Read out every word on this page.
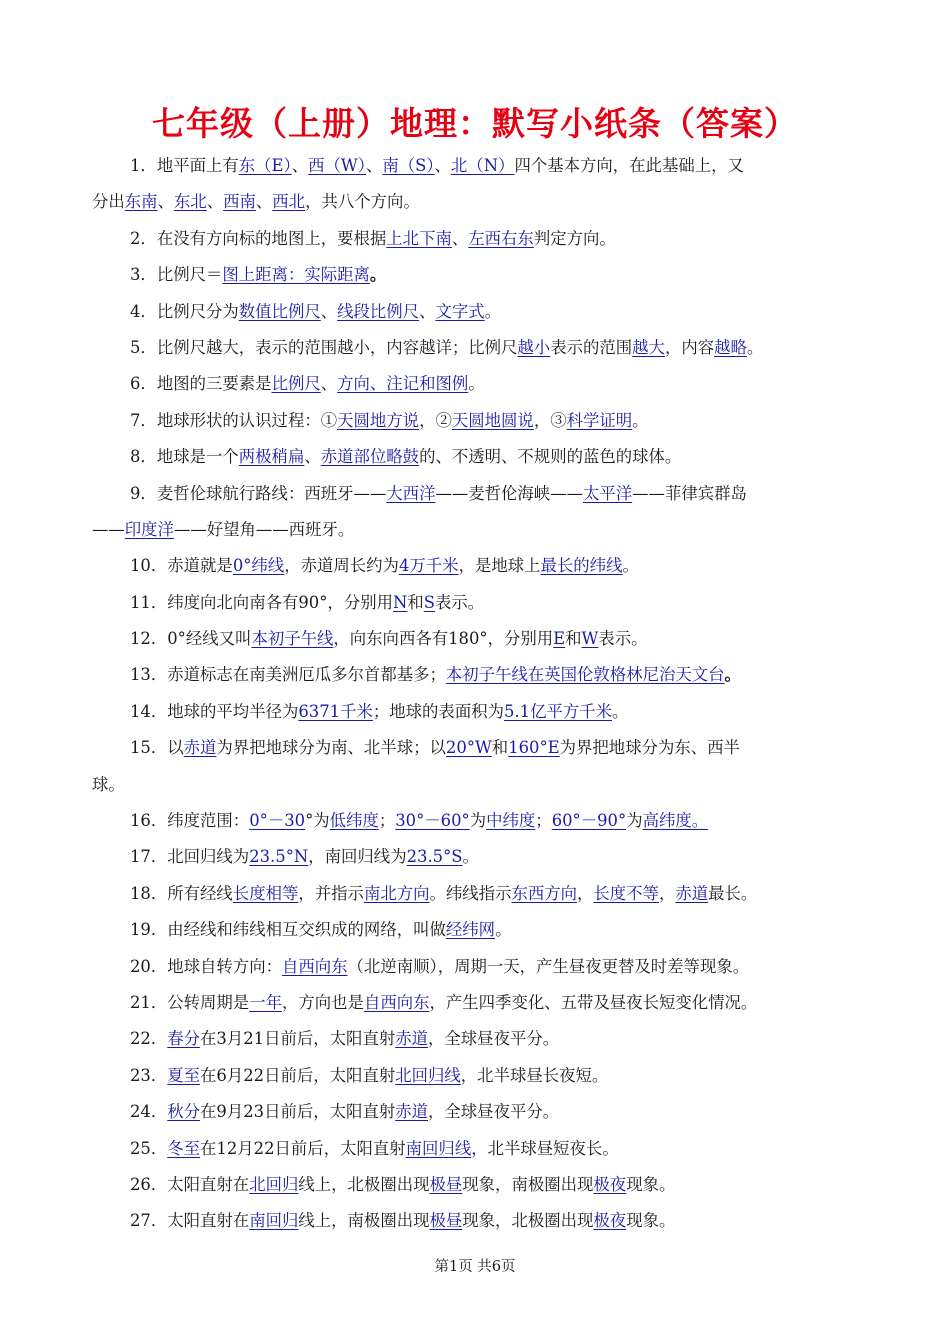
七年级（上册）地理：默写小纸条（答案）
1．地平面上有东（E）、西（W）、南（S）、北（N）四个基本方向，在此基础上，又
分出东南、东北、西南、西北，共八个方向。
2．在没有方向标的地图上，要根据上北下南、左西右东判定方向。
3．比例尺＝图上距离：实际距离。
4．比例尺分为数值比例尺、线段比例尺、文字式。
5．比例尺越大，表示的范围越小，内容越详；比例尺越小表示的范围越大，内容越略。
6．地图的三要素是比例尺、方向、注记和图例。
7．地球形状的认识过程：①天圆地方说，②天圆地圆说，③科学证明。
8．地球是一个两极稍扁、赤道部位略鼓的、不透明、不规则的蓝色的球体。
9．麦哲伦球航行路线：西班牙——大西洋——麦哲伦海峡——太平洋——菲律宾群岛
——印度洋——好望角——西班牙。
10．赤道就是0°纬线，赤道周长约为4万千米，是地球上最长的纬线。
11．纬度向北向南各有90°，分别用N和S表示。
12．0°经线又叫本初子午线，向东向西各有180°，分别用E和W表示。
13．赤道标志在南美洲厄瓜多尔首都基多；本初子午线在英国伦敦格林尼治天文台。
14．地球的平均半径为6371千米；地球的表面积为5.1亿平方千米。
15．以赤道为界把地球分为南、北半球；以20°W和160°E为界把地球分为东、西半
球。
16．纬度范围：0°－30°为低纬度；30°－60°为中纬度；60°－90°为高纬度。
17．北回归线为23.5°N，南回归线为23.5°S。
18．所有经线长度相等，并指示南北方向。纬线指示东西方向，长度不等，赤道最长。
19．由经线和纬线相互交织成的网络，叫做经纬网。
20．地球自转方向：自西向东（北逆南顺），周期一天，产生昼夜更替及时差等现象。
21．公转周期是一年，方向也是自西向东，产生四季变化、五带及昼夜长短变化情况。
22．春分在3月21日前后，太阳直射赤道，全球昼夜平分。
23．夏至在6月22日前后，太阳直射北回归线，北半球昼长夜短。
24．秋分在9月23日前后，太阳直射赤道，全球昼夜平分。
25．冬至在12月22日前后，太阳直射南回归线，北半球昼短夜长。
26．太阳直射在北回归线上，北极圈出现极昼现象，南极圈出现极夜现象。
27．太阳直射在南回归线上，南极圈出现极昼现象，北极圈出现极夜现象。
第1页 共6页
